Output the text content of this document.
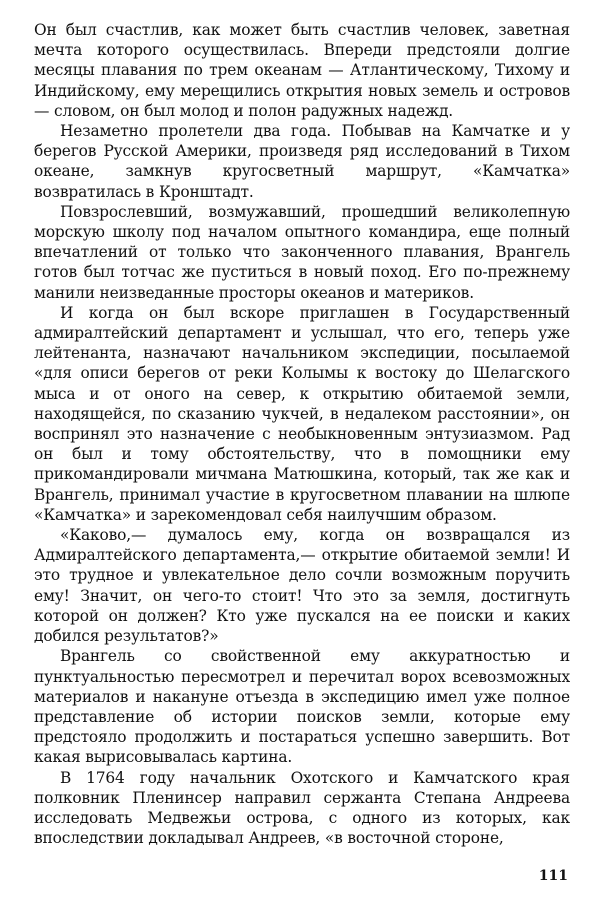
Он был счастлив, как может быть счастлив человек, заветная мечта которого осуществилась. Впереди предстояли долгие месяцы плавания по трем океанам — Атлантическому, Тихому и Индийскому, ему мерещились открытия новых земель и островов — словом, он был молод и полон радужных надежд.

Незаметно пролетели два года. Побывав на Камчатке и у берегов Русской Америки, произведя ряд исследований в Тихом океане, замкнув кругосветный маршрут, «Камчатка» возвратилась в Кронштадт.

Повзрослевший, возмужавший, прошедший великолепную морскую школу под началом опытного командира, еще полный впечатлений от только что законченного плавания, Врангель готов был тотчас же пуститься в новый поход. Его по-прежнему манили неизведанные просторы океанов и материков.

И когда он был вскоре приглашен в Государственный адмиралтейский департамент и услышал, что его, теперь уже лейтенанта, назначают начальником экспедиции, посылаемой «для описи берегов от реки Колымы к востоку до Шелагского мыса и от оного на север, к открытию обитаемой земли, находящейся, по сказанию чукчей, в недалеком расстоянии», он воспринял это назначение с необыкновенным энтузиазмом. Рад он был и тому обстоятельству, что в помощники ему прикомандировали мичмана Матюшкина, который, так же как и Врангель, принимал участие в кругосветном плавании на шлюпе «Камчатка» и зарекомендовал себя наилучшим образом.

«Каково,— думалось ему, когда он возвращался из Адмиралтейского департамента,— открытие обитаемой земли! И это трудное и увлекательное дело сочли возможным поручить ему! Значит, он чего-то стоит! Что это за земля, достигнуть которой он должен? Кто уже пускался на ее поиски и каких добился результатов?»

Врангель со свойственной ему аккуратностью и пунктуальностью пересмотрел и перечитал ворох всевозможных материалов и накануне отъезда в экспедицию имел уже полное представление об истории поисков земли, которые ему предстояло продолжить и постараться успешно завершить. Вот какая вырисовывалась картина.

В 1764 году начальник Охотского и Камчатского края полковник Пленинсер направил сержанта Степана Андреева исследовать Медвежьи острова, с одного из которых, как впоследствии докладывал Андреев, «в восточной стороне,

111
